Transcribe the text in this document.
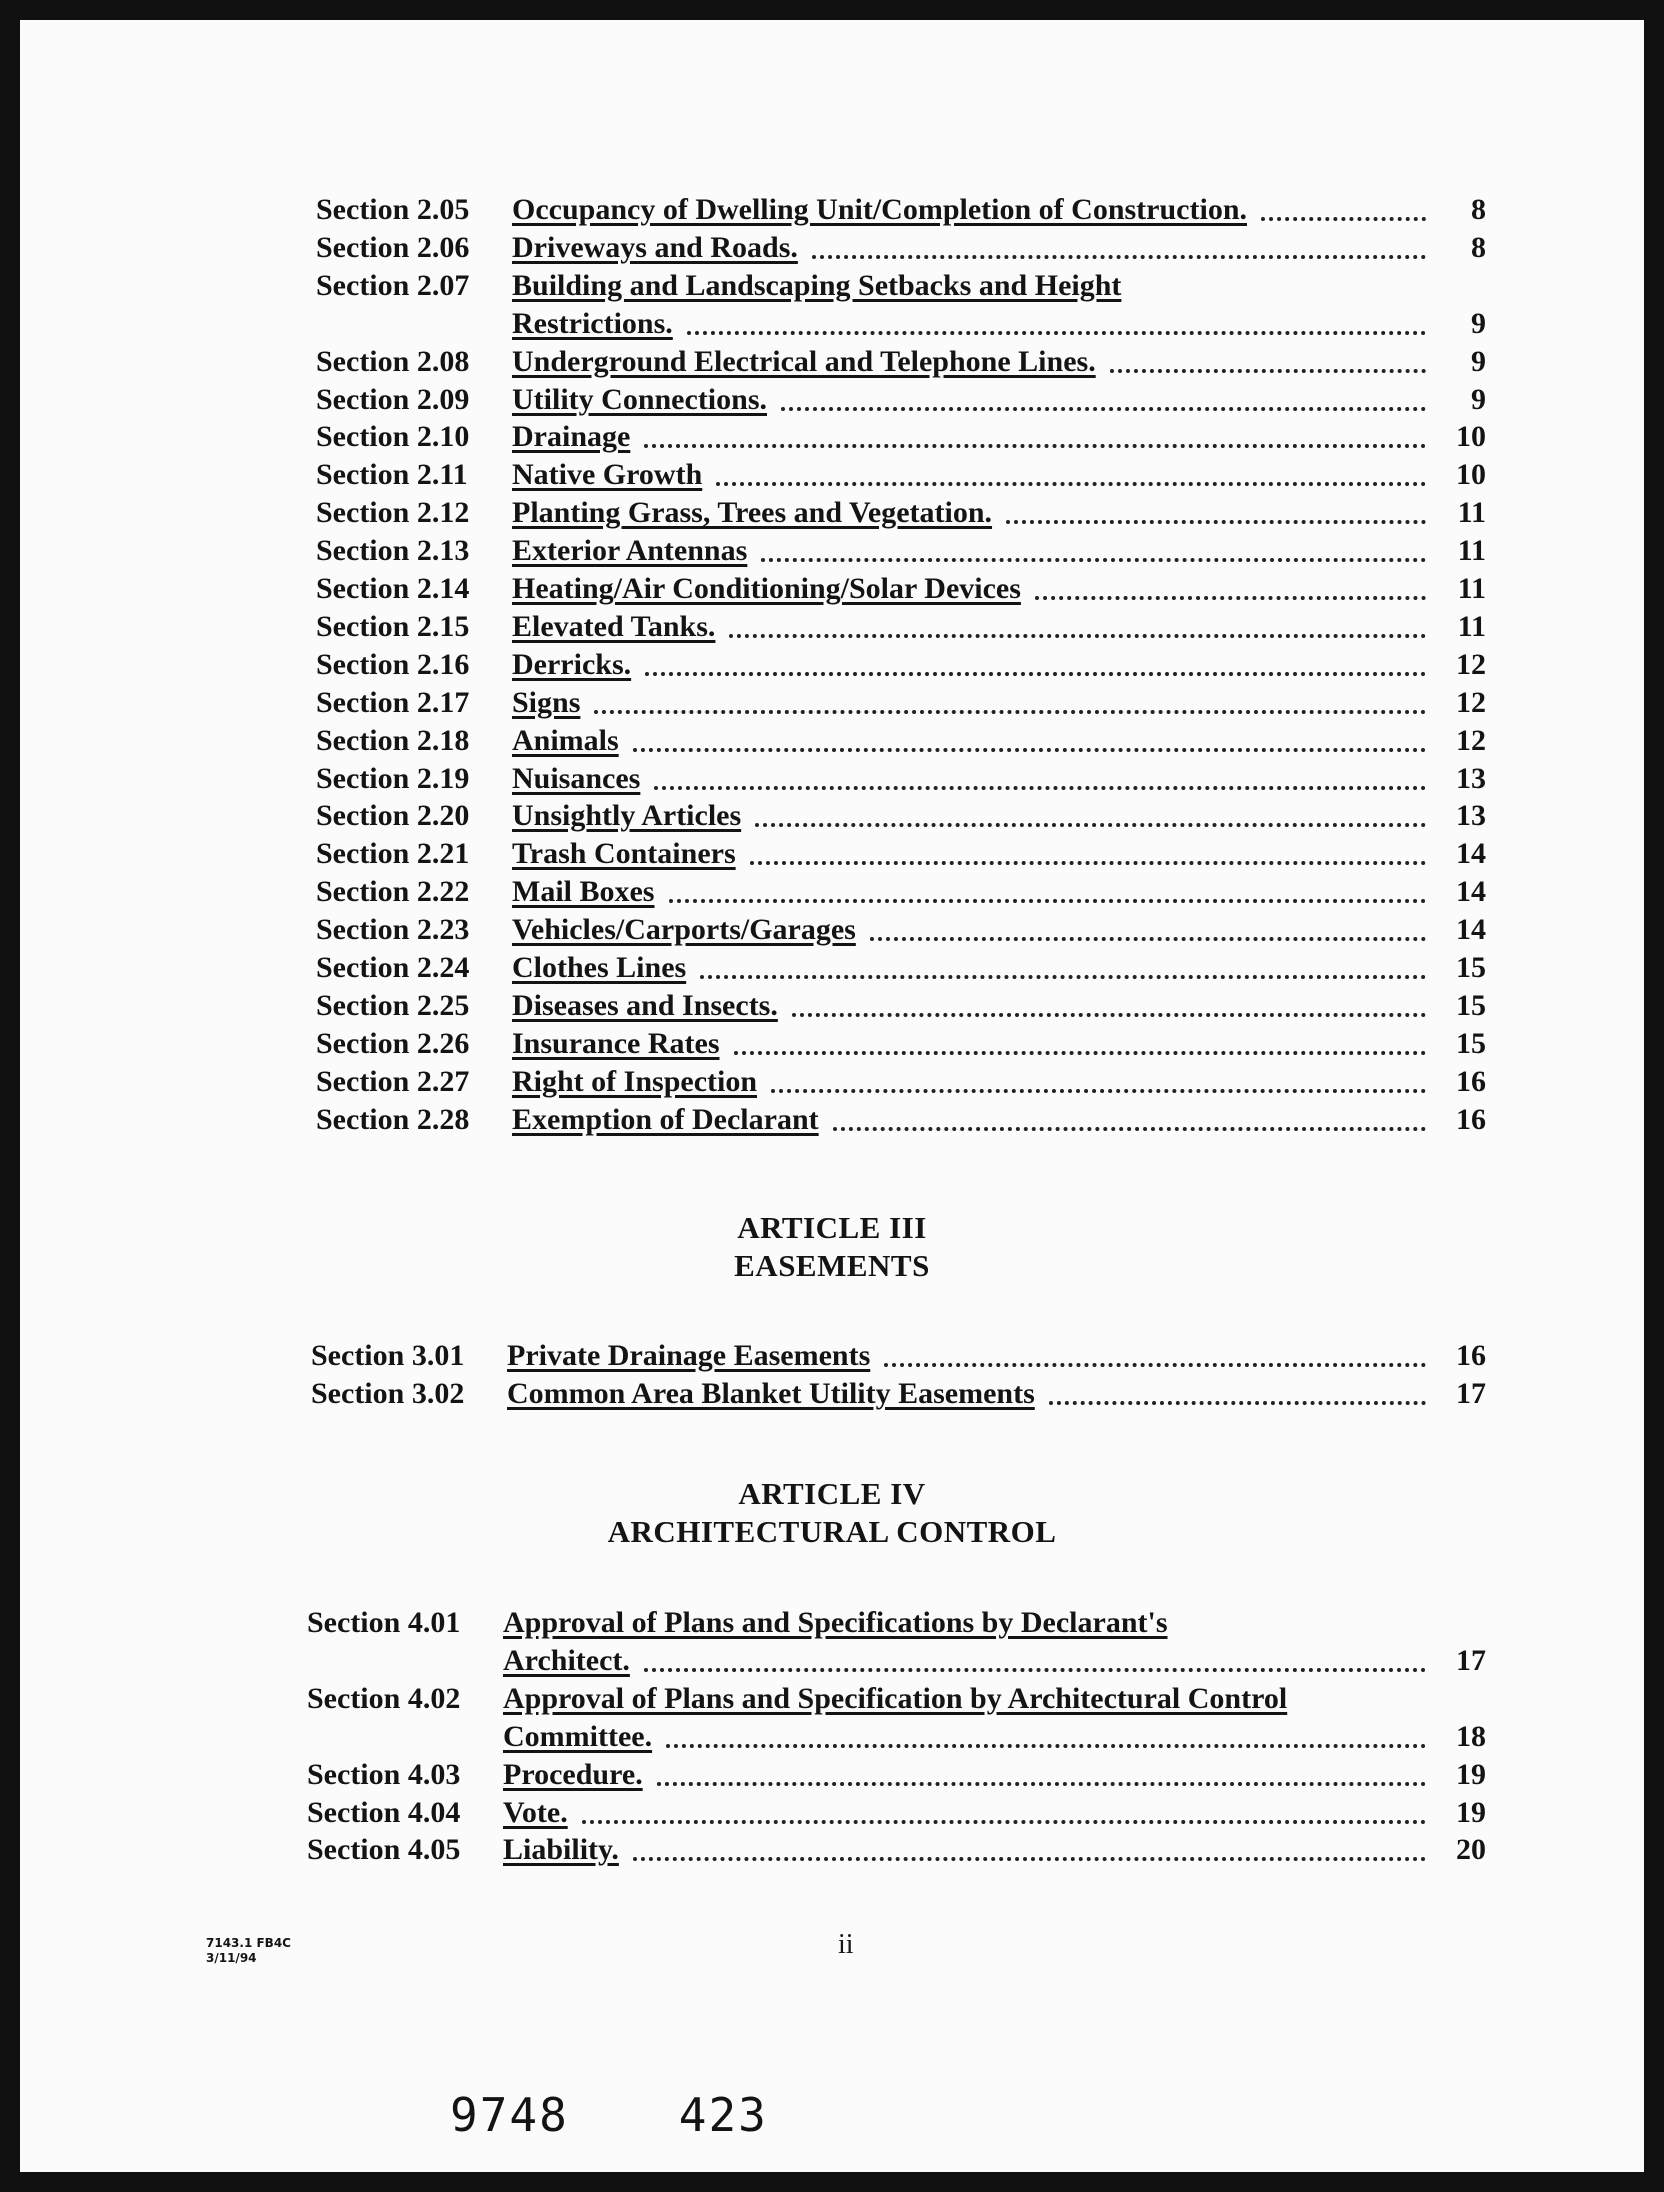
Section 2.05	Occupancy of Dwelling Unit/Completion of Construction.	8
Section 2.06	Driveways and Roads.	8
Section 2.07	Building and Landscaping Setbacks and Height
Restrictions.	9
Section 2.08	Underground Electrical and Telephone Lines.	9
Section 2.09	Utility Connections.	9
Section 2.10	Drainage	10
Section 2.11	Native Growth	10
Section 2.12	Planting Grass, Trees and Vegetation.	11
Section 2.13	Exterior Antennas	11
Section 2.14	Heating/Air Conditioning/Solar Devices	11
Section 2.15	Elevated Tanks.	11
Section 2.16	Derricks.	12
Section 2.17	Signs	12
Section 2.18	Animals	12
Section 2.19	Nuisances	13
Section 2.20	Unsightly Articles	13
Section 2.21	Trash Containers	14
Section 2.22	Mail Boxes	14
Section 2.23	Vehicles/Carports/Garages	14
Section 2.24	Clothes Lines	15
Section 2.25	Diseases and Insects.	15
Section 2.26	Insurance Rates	15
Section 2.27	Right of Inspection	16
Section 2.28	Exemption of Declarant	16
Section 3.01	Private Drainage Easements	16
Section 3.02	Common Area Blanket Utility Easements	17
Section 4.01	Approval of Plans and Specifications by Declarant's
Architect.	17
Section 4.02	Approval of Plans and Specification by Architectural Control
Committee.	18
Section 4.03	Procedure.	19
Section 4.04	Vote.	19
Section 4.05	Liability.	20
ARTICLE III
EASEMENTS
ARTICLE IV
ARCHITECTURAL CONTROL
7143.1 FB4C
3/11/94	ii
9748 423
